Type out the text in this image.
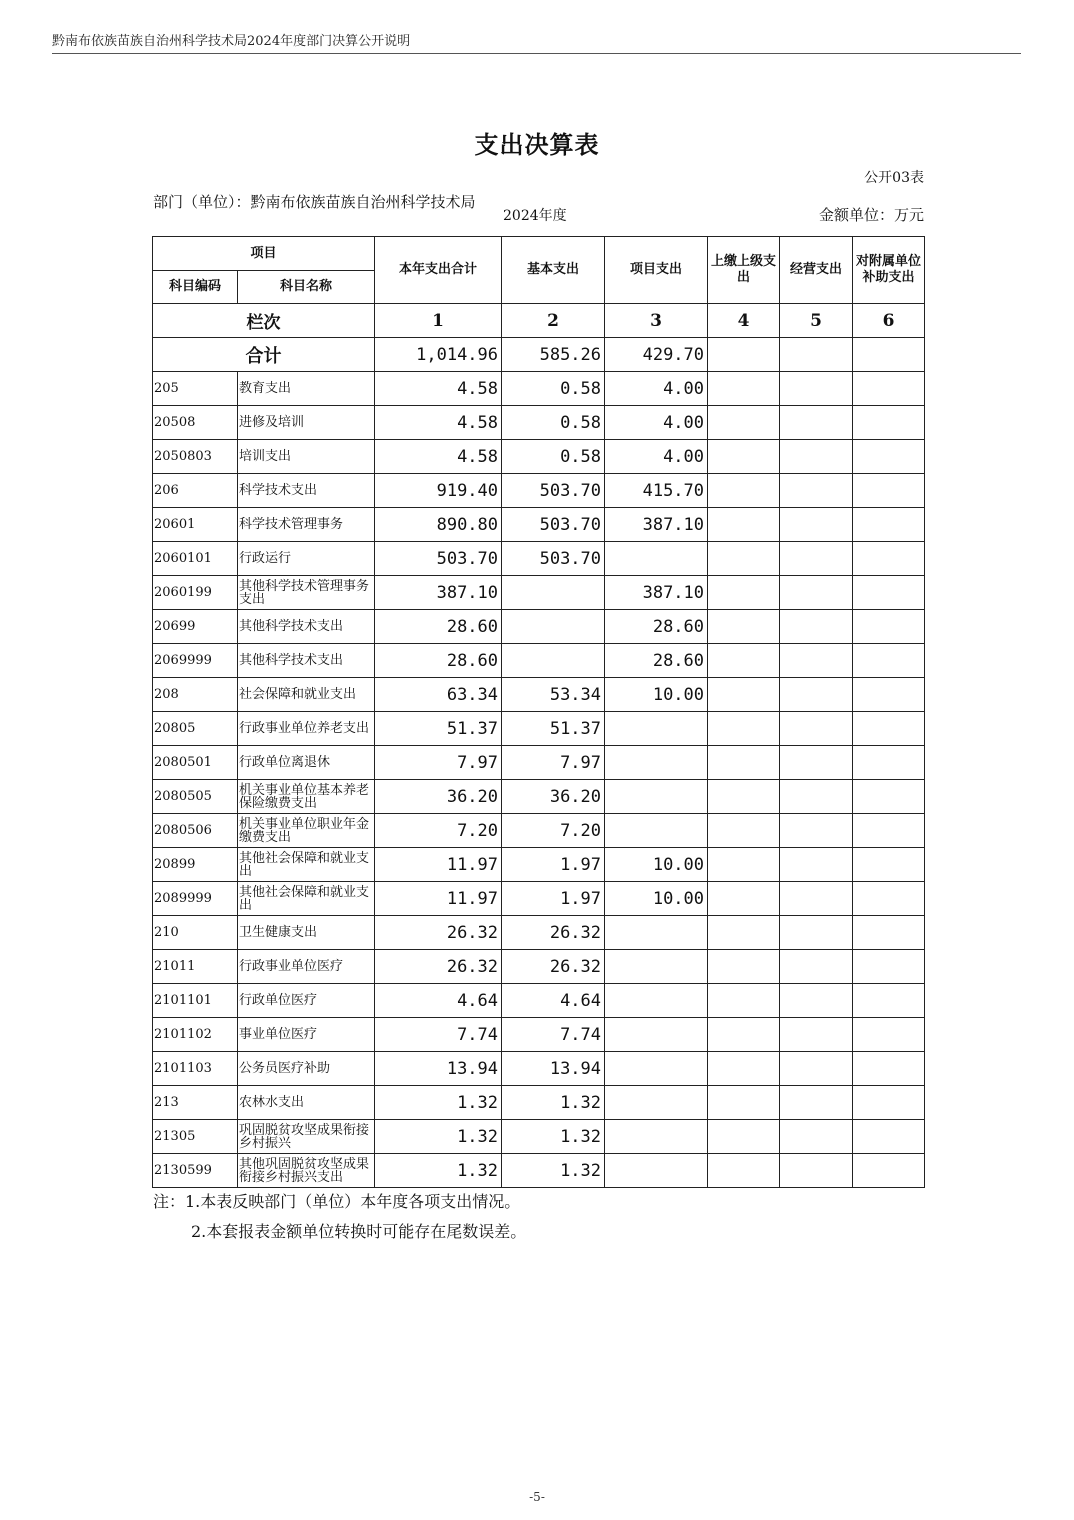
黔南布依族苗族自治州科学技术局2024年度部门决算公开说明
支出决算表
公开03表
部门（单位）：黔南布依族苗族自治州科学技术局
2024年度	金额单位：万元
项目		本年支出合计	基本支出	项目支出	上缴上级支出	经营支出	对附属单位补助支出
科目编码	科目名称						
栏次		1	2	3	4	5	6
合计		1,014.96	585.26	429.70			
205	教育支出	4.58	0.58	4.00			
20508	进修及培训	4.58	0.58	4.00			
2050803	培训支出	4.58	0.58	4.00			
206	科学技术支出	919.40	503.70	415.70			
20601	科学技术管理事务	890.80	503.70	387.10			
2060101	行政运行	503.70	503.70				
2060199	其他科学技术管理事务支出	387.10		387.10			
20699	其他科学技术支出	28.60		28.60			
2069999	其他科学技术支出	28.60		28.60			
208	社会保障和就业支出	63.34	53.34	10.00			
20805	行政事业单位养老支出	51.37	51.37				
2080501	行政单位离退休	7.97	7.97				
2080505	机关事业单位基本养老保险缴费支出	36.20	36.20				
2080506	机关事业单位职业年金缴费支出	7.20	7.20				
20899	其他社会保障和就业支出	11.97	1.97	10.00			
2089999	其他社会保障和就业支出	11.97	1.97	10.00			
210	卫生健康支出	26.32	26.32				
21011	行政事业单位医疗	26.32	26.32				
2101101	行政单位医疗	4.64	4.64				
2101102	事业单位医疗	7.74	7.74				
2101103	公务员医疗补助	13.94	13.94				
213	农林水支出	1.32	1.32				
21305	巩固脱贫攻坚成果衔接乡村振兴	1.32	1.32				
2130599	其他巩固脱贫攻坚成果衔接乡村振兴支出	1.32	1.32				
注：1.本表反映部门（单位）本年度各项支出情况。
2.本套报表金额单位转换时可能存在尾数误差。
-5-
